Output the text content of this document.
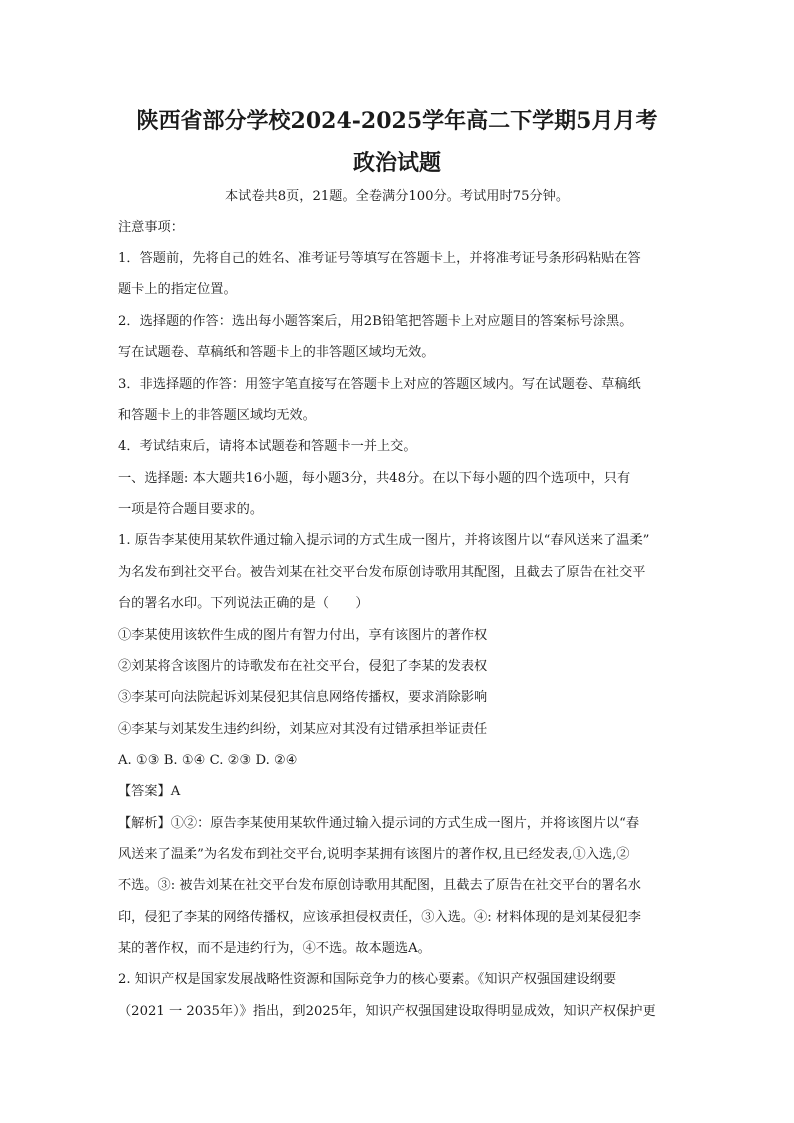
陕西省部分学校2024-2025学年高二下学期5月月考
政治试题
本试卷共8页，21题。全卷满分100分。考试用时75分钟。
注意事项：
1．答题前，先将自己的姓名、准考证号等填写在答题卡上，并将准考证号条形码粘贴在答
题卡上的指定位置。
2．选择题的作答：选出每小题答案后，用2B铅笔把答题卡上对应题目的答案标号涂黑。
写在试题卷、草稿纸和答题卡上的非答题区域均无效。
3．非选择题的作答：用签字笔直接写在答题卡上对应的答题区域内。写在试题卷、草稿纸
和答题卡上的非答题区域均无效。
4．考试结束后，请将本试题卷和答题卡一并上交。
一、选择题: 本大题共16小题，每小题3分，共48分。在以下每小题的四个选项中，只有
一项是符合题目要求的。
1. 原告李某使用某软件通过输入提示词的方式生成一图片，并将该图片以“春风送来了温柔”
为名发布到社交平台。被告刘某在社交平台发布原创诗歌用其配图，且截去了原告在社交平
台的署名水印。下列说法正确的是（　　）
①李某使用该软件生成的图片有智力付出，享有该图片的著作权
②刘某将含该图片的诗歌发布在社交平台，侵犯了李某的发表权
③李某可向法院起诉刘某侵犯其信息网络传播权，要求消除影响
④李某与刘某发生违约纠纷，刘某应对其没有过错承担举证责任
A. ①③ B. ①④ C. ②③ D. ②④
【答案】A
【解析】①②：原告李某使用某软件通过输入提示词的方式生成一图片，并将该图片以“春
风送来了温柔”为名发布到社交平台,说明李某拥有该图片的著作权,且已经发表,①入选,②
不选。③: 被告刘某在社交平台发布原创诗歌用其配图，且截去了原告在社交平台的署名水
印，侵犯了李某的网络传播权，应该承担侵权责任，③入选。④: 材料体现的是刘某侵犯李
某的著作权，而不是违约行为，④不选。故本题选A。
2. 知识产权是国家发展战略性资源和国际竞争力的核心要素。《知识产权强国建设纲要
（2021 一 2035年）》指出，到2025年，知识产权强国建设取得明显成效，知识产权保护更
